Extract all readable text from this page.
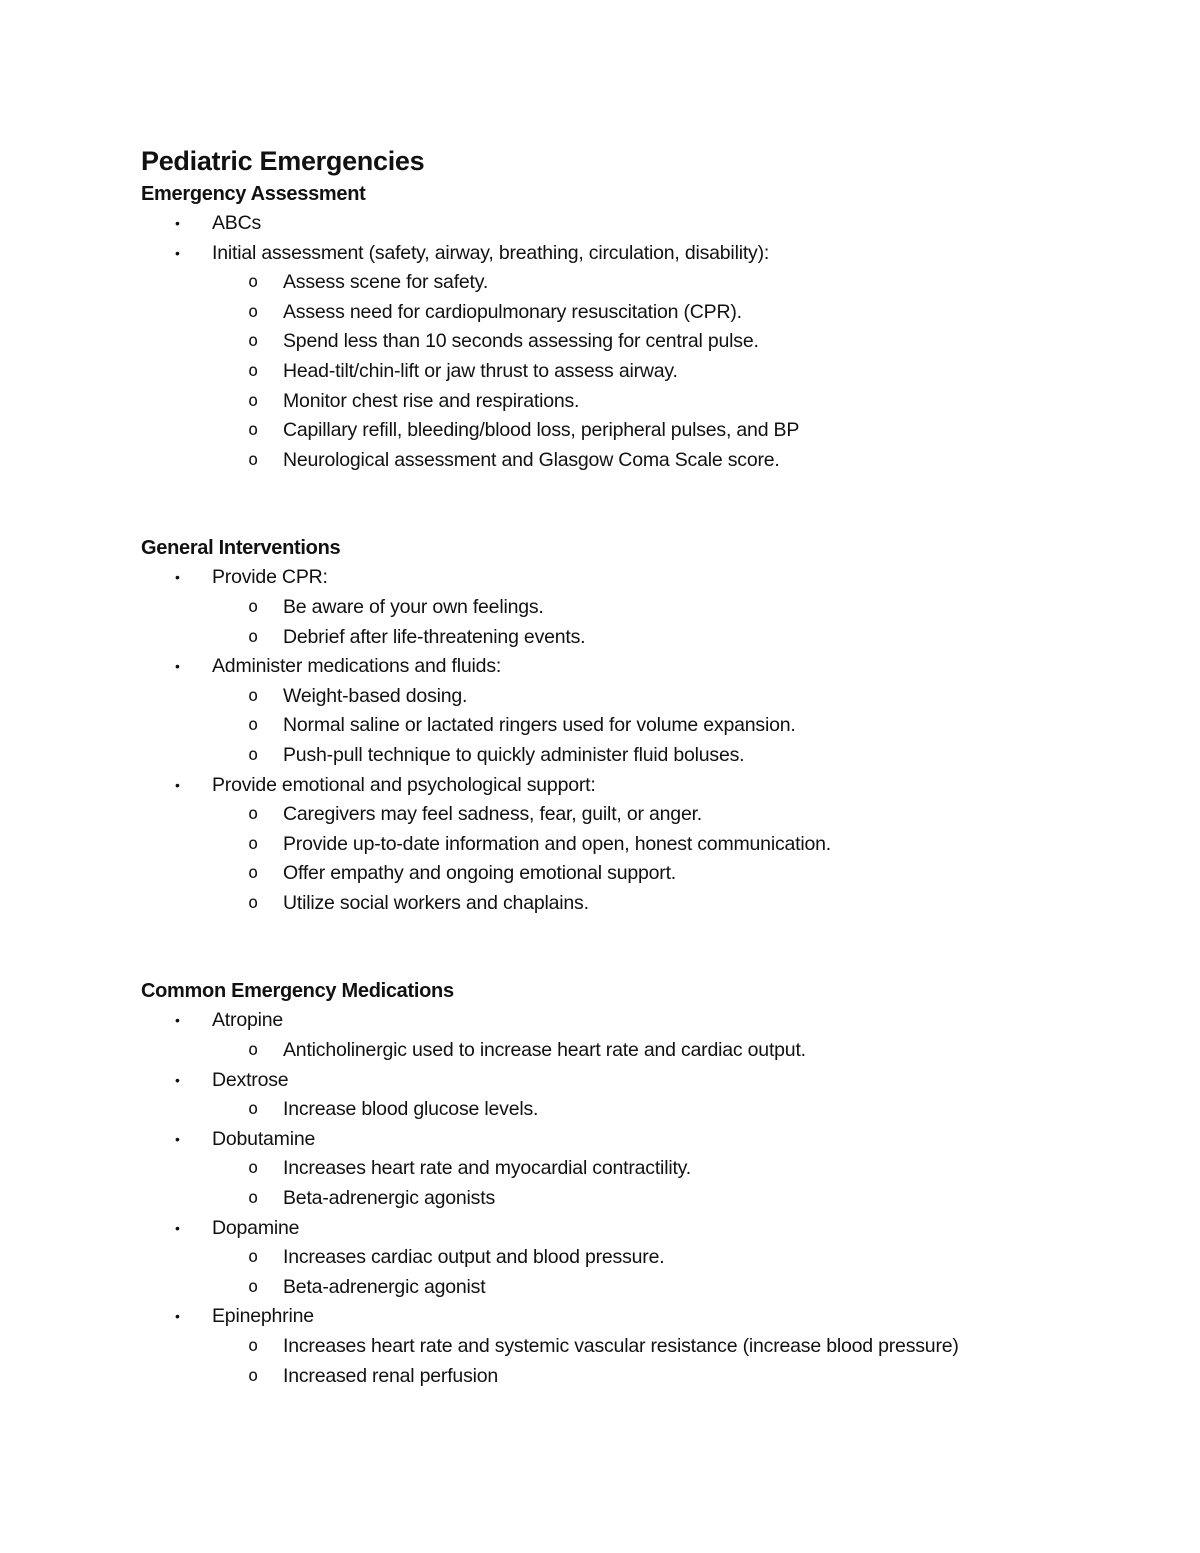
Pediatric Emergencies
Emergency Assessment
• ABCs
• Initial assessment (safety, airway, breathing, circulation, disability):
o Assess scene for safety.
o Assess need for cardiopulmonary resuscitation (CPR).
o Spend less than 10 seconds assessing for central pulse.
o Head-tilt/chin-lift or jaw thrust to assess airway.
o Monitor chest rise and respirations.
o Capillary refill, bleeding/blood loss, peripheral pulses, and BP
o Neurological assessment and Glasgow Coma Scale score.
General Interventions
• Provide CPR:
o Be aware of your own feelings.
o Debrief after life-threatening events.
• Administer medications and fluids:
o Weight-based dosing.
o Normal saline or lactated ringers used for volume expansion.
o Push-pull technique to quickly administer fluid boluses.
• Provide emotional and psychological support:
o Caregivers may feel sadness, fear, guilt, or anger.
o Provide up-to-date information and open, honest communication.
o Offer empathy and ongoing emotional support.
o Utilize social workers and chaplains.
Common Emergency Medications
• Atropine
o Anticholinergic used to increase heart rate and cardiac output.
• Dextrose
o Increase blood glucose levels.
• Dobutamine
o Increases heart rate and myocardial contractility.
o Beta-adrenergic agonists
• Dopamine
o Increases cardiac output and blood pressure.
o Beta-adrenergic agonist
• Epinephrine
o Increases heart rate and systemic vascular resistance (increase blood pressure)
o Increased renal perfusion
